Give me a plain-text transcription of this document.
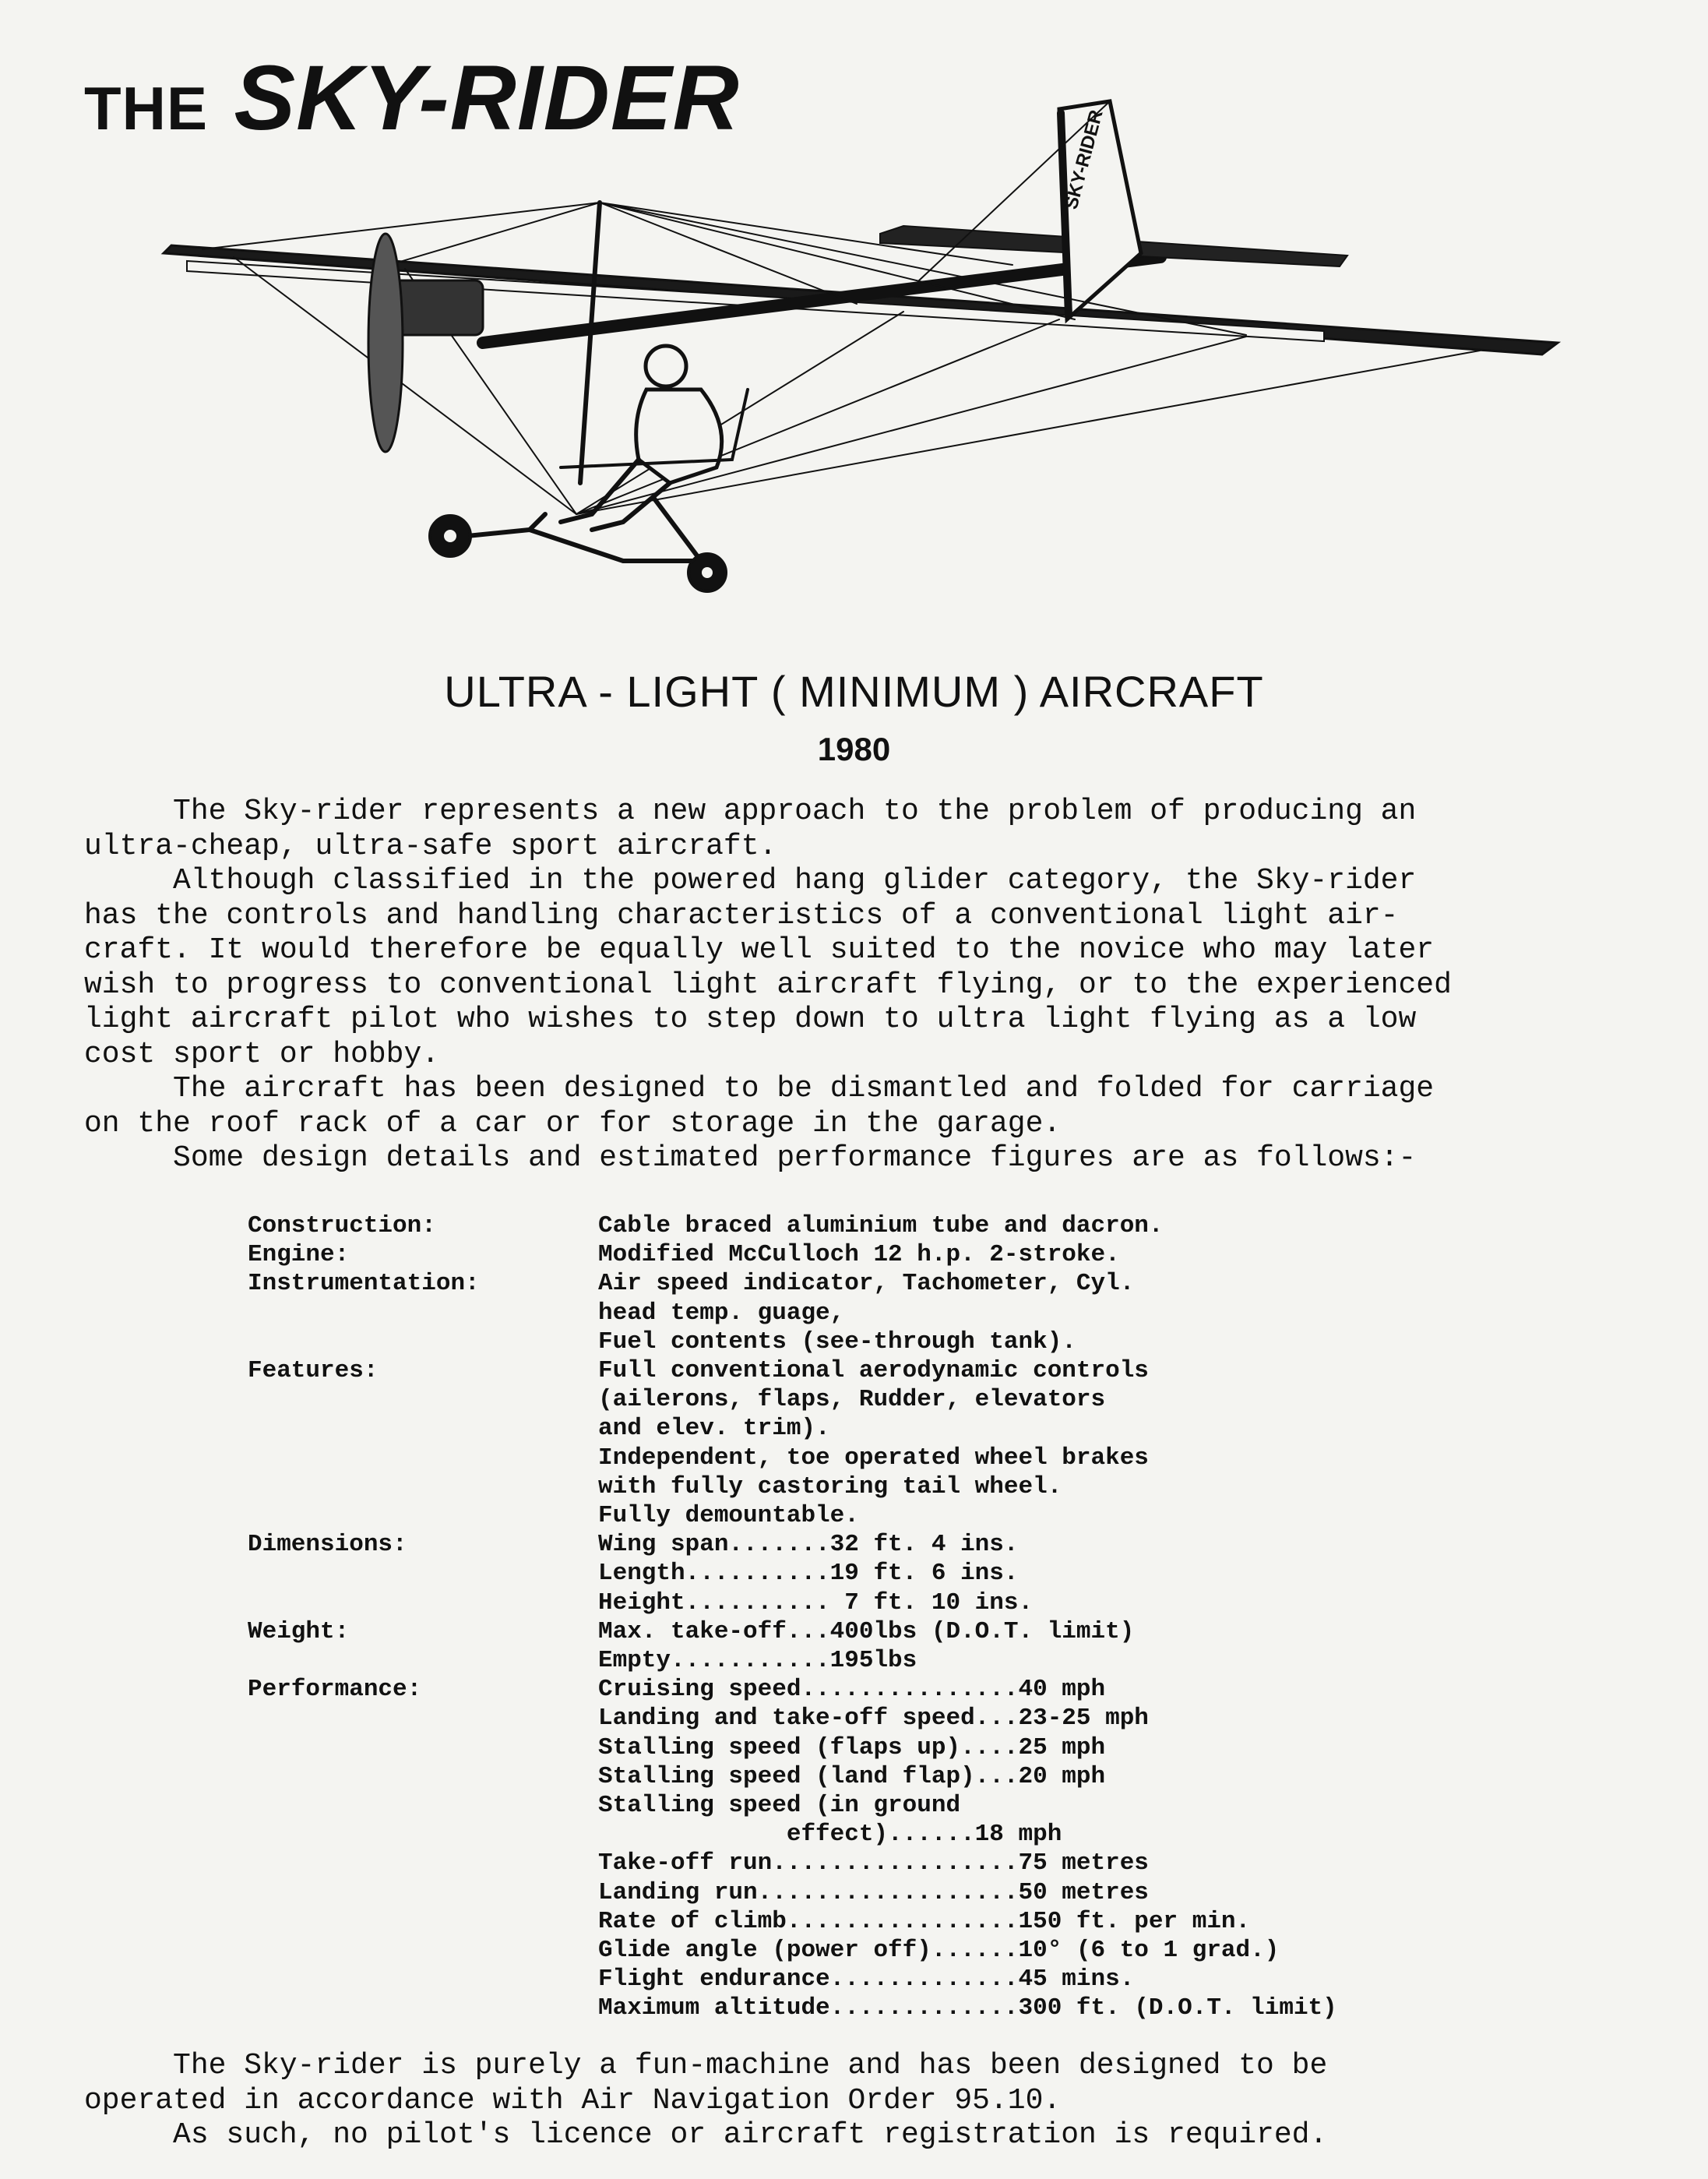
THE SKY-RIDER
SKY-RIDER
ULTRA - LIGHT ( MINIMUM ) AIRCRAFT
1980

The Sky-rider represents a new approach to the problem of producing an

ultra-cheap, ultra-safe sport aircraft.

Although classified in the powered hang glider category, the Sky-rider

has the controls and handling characteristics of a conventional light air-

craft. It would therefore be equally well suited to the novice who may later

wish to progress to conventional light aircraft flying, or to the experienced

light aircraft pilot who wishes to step down to ultra light flying as a low

cost sport or hobby.

The aircraft has been designed to be dismantled and folded for carriage

on the roof rack of a car or for storage in the garage.

Some design details and estimated performance figures are as follows:-

Construction:	Cable braced aluminium tube and dacron.
Engine:	Modified McCulloch 12 h.p. 2-stroke.
Instrumentation:	Air speed indicator, Tachometer, Cyl.
head temp. guage,
Fuel contents (see-through tank).
Features:	Full conventional aerodynamic controls
(ailerons, flaps, Rudder, elevators
and elev. trim).
Independent, toe operated wheel brakes
with fully castoring tail wheel.
Fully demountable.
Dimensions:	Wing span.......32 ft. 4 ins.
Length..........19 ft. 6 ins.
Height.......... 7 ft. 10 ins.
Weight:	Max. take-off...400lbs (D.O.T. limit)
Empty...........195lbs
Performance:	Cruising speed...............40 mph
Landing and take-off speed...23-25 mph
Stalling speed (flaps up)....25 mph
Stalling speed (land flap)...20 mph
Stalling speed (in ground
effect)......18 mph
Take-off run.................75 metres
Landing run..................50 metres
Rate of climb................150 ft. per min.
Glide angle (power off)......10° (6 to 1 grad.)
Flight endurance.............45 mins.
Maximum altitude.............300 ft. (D.O.T. limit)

The Sky-rider is purely a fun-machine and has been designed to be

operated in accordance with Air Navigation Order 95.10.

As such, no pilot's licence or aircraft registration is required.
